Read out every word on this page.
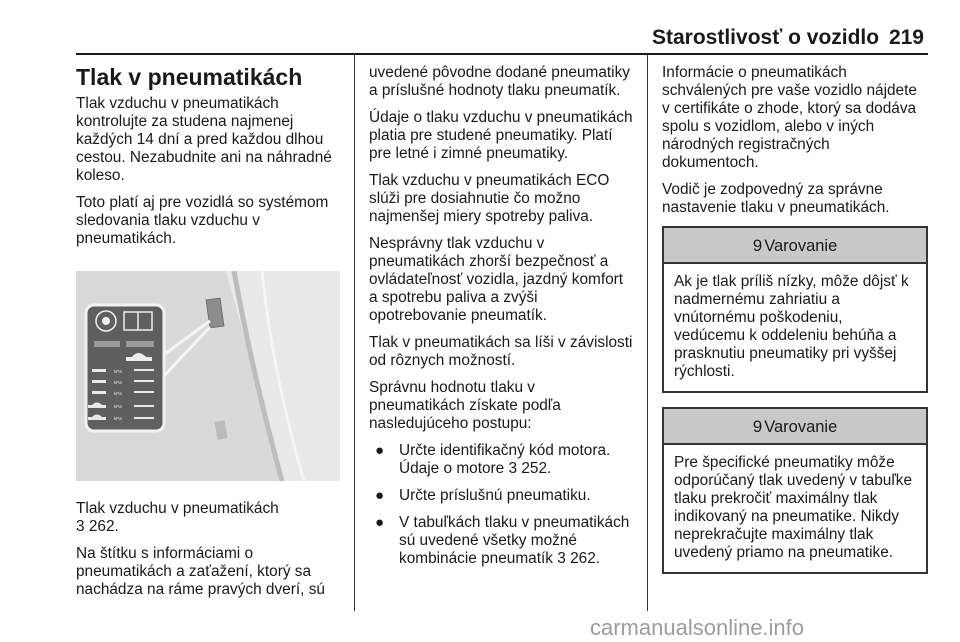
Starostlivosť o vozidlo 219
Tlak v pneumatikách

Tlak vzduchu v pneumatikách kontrolujte za studena najmenej každých 14 dní a pred každou dlhou cestou. Nezabudnite ani na náhradné koleso.

Toto platí aj pre vozidlá so systémom sledovania tlaku vzduchu v pneumatikách.

kPa
kPa
kPa
kPa
kPa

Tlak vzduchu v pneumatikách
3 262.

Na štítku s informáciami o pneumatikách a zaťažení, ktorý sa nachádza na ráme pravých dverí, sú

uvedené pôvodne dodané pneumatiky a príslušné hodnoty tlaku pneumatík.

Údaje o tlaku vzduchu v pneumatikách platia pre studené pneumatiky. Platí pre letné i zimné pneumatiky.

Tlak vzduchu v pneumatikách ECO slúži pre dosiahnutie čo možno najmenšej miery spotreby paliva.

Nesprávny tlak vzduchu v pneumatikách zhorší bezpečnosť a ovládateľnosť vozidla, jazdný komfort a spotrebu paliva a zvýši opotrebovanie pneumatík.

Tlak v pneumatikách sa líši v závislosti od rôznych možností.

Správnu hodnotu tlaku v pneumatikách získate podľa nasledujúceho postupu:

● Určte identifikačný kód motora. Údaje o motore 3 252.
● Určte príslušnú pneumatiku.
● V tabuľkách tlaku v pneumatikách sú uvedené všetky možné kombinácie pneumatík 3 262.

Informácie o pneumatikách schválených pre vaše vozidlo nájdete v certifikáte o zhode, ktorý sa dodáva spolu s vozidlom, alebo v iných národných registračných dokumentoch.

Vodič je zodpovedný za správne nastavenie tlaku v pneumatikách.

9 Varovanie
Ak je tlak príliš nízky, môže dôjsť k nadmernému zahriatiu a vnútornému poškodeniu, vedúcemu k oddeleniu behúňa a prasknutiu pneumatiky pri vyššej rýchlosti.
9 Varovanie
Pre špecifické pneumatiky môže odporúčaný tlak uvedený v tabuľke tlaku prekročiť maximálny tlak indikovaný na pneumatike. Nikdy neprekračujte maximálny tlak uvedený priamo na pneumatike.
carmanualsonline.info
